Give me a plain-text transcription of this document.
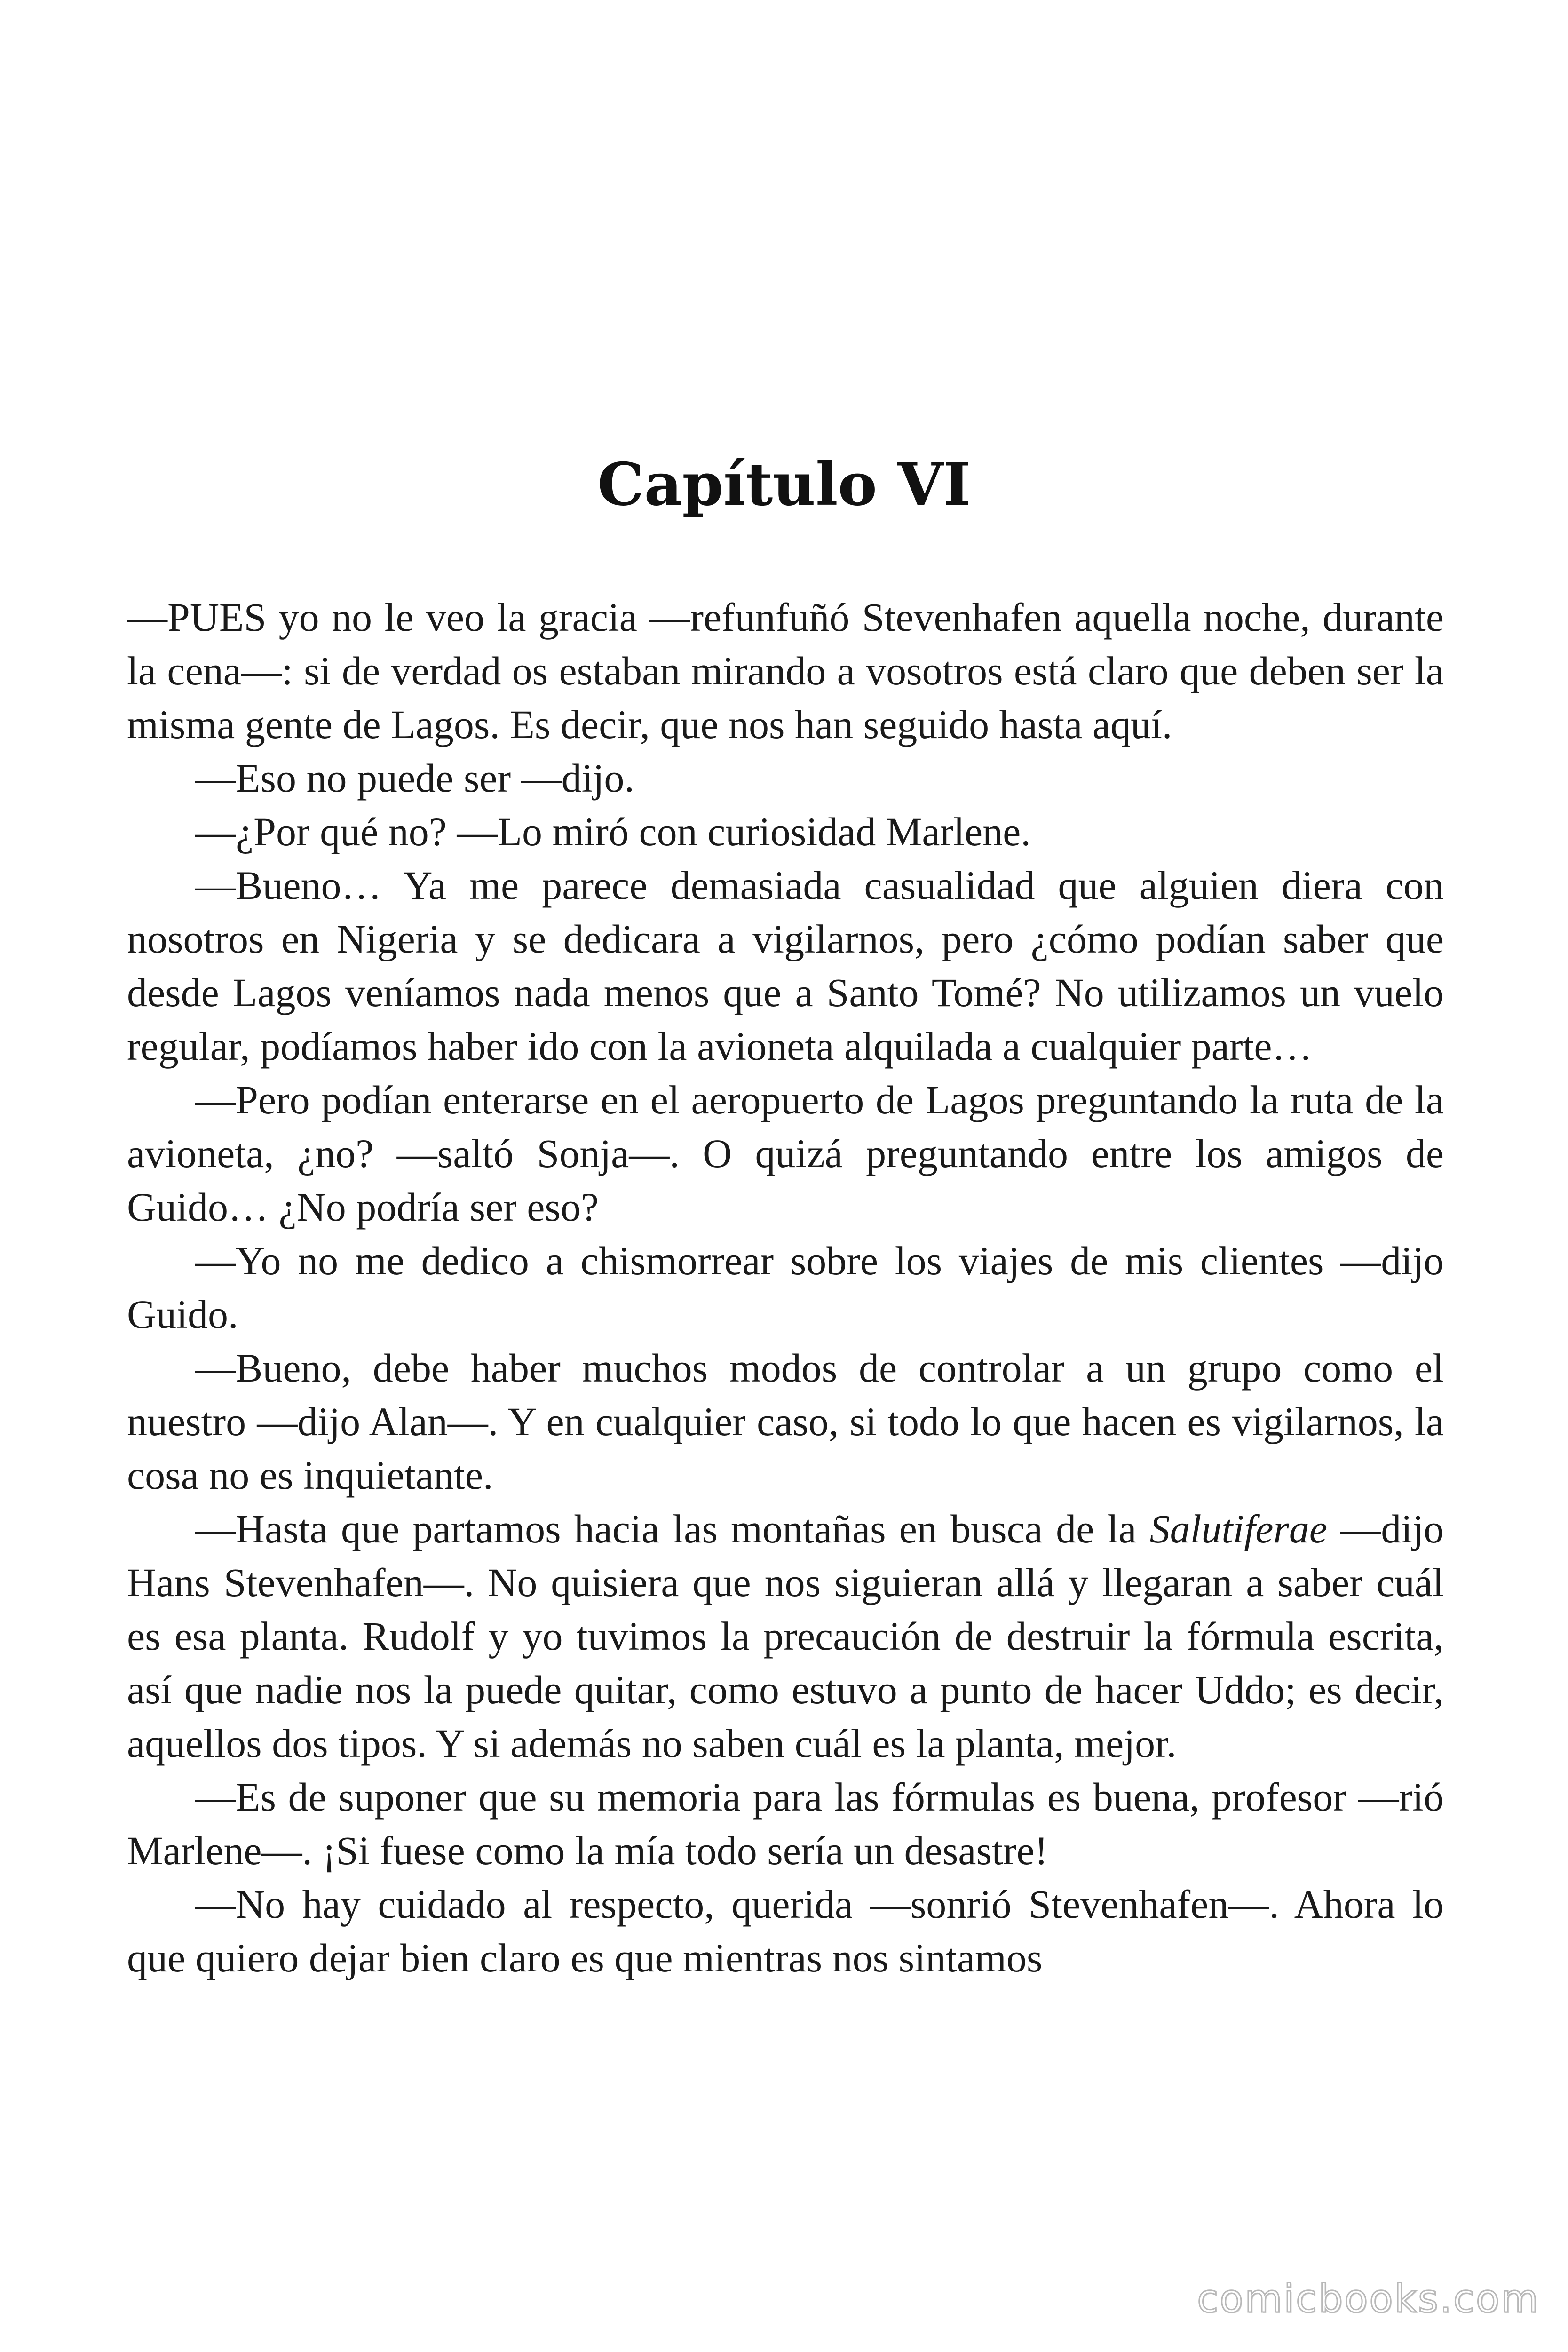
Capítulo VI

—PUES yo no le veo la gracia —refunfuñó Stevenhafen aquella noche, durante la cena—: si de verdad os estaban mirando a vosotros está claro que deben ser la misma gente de Lagos. Es decir, que nos han seguido hasta aquí.

—Eso no puede ser —dijo.

—¿Por qué no? —Lo miró con curiosidad Marlene.

—Bueno… Ya me parece demasiada casualidad que alguien diera con nosotros en Nigeria y se dedicara a vigilarnos, pero ¿cómo podían saber que desde Lagos veníamos nada menos que a Santo Tomé? No utilizamos un vuelo regular, podíamos haber ido con la avioneta alquilada a cualquier parte…

—Pero podían enterarse en el aeropuerto de Lagos preguntando la ruta de la avioneta, ¿no? —saltó Sonja—. O quizá preguntando entre los amigos de Guido… ¿No podría ser eso?

—Yo no me dedico a chismorrear sobre los viajes de mis clientes —dijo Guido.

—Bueno, debe haber muchos modos de controlar a un grupo como el nuestro —dijo Alan—. Y en cualquier caso, si todo lo que hacen es vigilarnos, la cosa no es inquietante.

—Hasta que partamos hacia las montañas en busca de la Salutiferae —dijo Hans Stevenhafen—. No quisiera que nos siguieran allá y llegaran a saber cuál es esa planta. Rudolf y yo tuvimos la precaución de destruir la fórmula escrita, así que nadie nos la puede quitar, como estuvo a punto de hacer Uddo; es decir, aquellos dos tipos. Y si además no saben cuál es la planta, mejor.

—Es de suponer que su memoria para las fórmulas es buena, profesor —rió Marlene—. ¡Si fuese como la mía todo sería un desastre!

—No hay cuidado al respecto, querida —sonrió Stevenhafen—. Ahora lo que quiero dejar bien claro es que mientras nos sintamos

comicbooks.com
